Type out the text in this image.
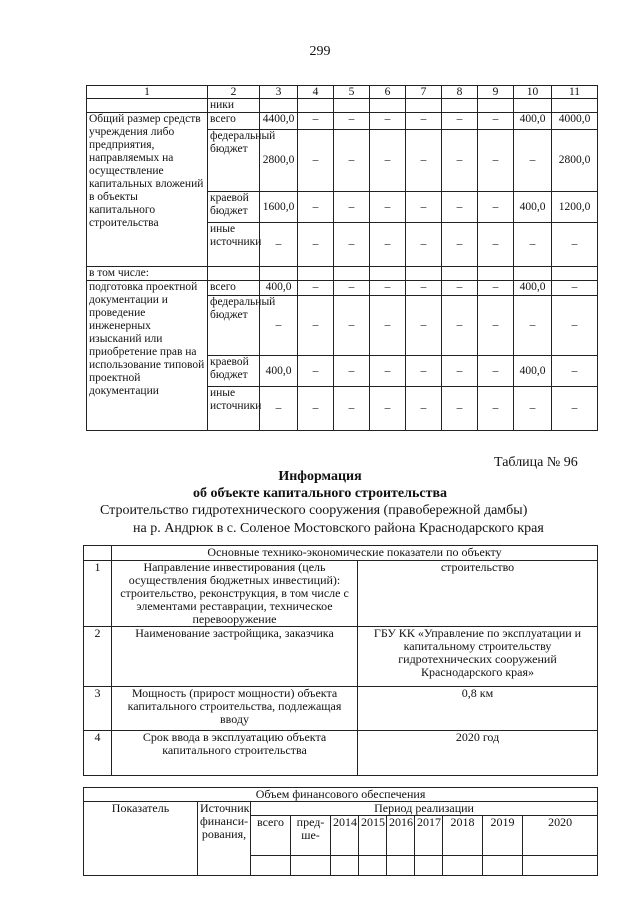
299
1	2	3	4	5	6	7	8	9	10	11
	ники									
Общий размер средств учреждения либо предприятия, направляемых на осуществление капитальных вложений в объекты капитального строительства	всего	4400,0	–	–	–	–	–	–	400,0	4000,0
	федеральный бюджет	2800,0	–	–	–	–	–	–	–	2800,0
	краевой бюджет	1600,0	–	–	–	–	–	–	400,0	1200,0
	иные источники	–	–	–	–	–	–	–	–	–
в том числе:										
подготовка проектной документации и проведение инженерных изысканий или приобретение прав на использование типовой проектной документации	всего	400,0	–	–	–	–	–	–	400,0	–
	федеральный бюджет	–	–	–	–	–	–	–	–	–
	краевой бюджет	400,0	–	–	–	–	–	–	400,0	–
	иные источники	–	–	–	–	–	–	–	–	–
Таблица № 96
Информация
об объекте капитального строительства
Строительство гидротехнического сооружения (правобережной дамбы)
на р. Андрюк в с. Соленое Мостовского района Краснодарского края
	Основные технико-экономические показатели по объекту	
1	Направление инвестирования (цель осуществления бюджетных инвестиций): строительство, реконструкция, в том числе с элементами реставрации, техническое перевооружение	строительство
2	Наименование застройщика, заказчика	ГБУ КК «Управление по эксплуатации и капитальному строительству гидротехнических сооружений Краснодарского края»
3	Мощность (прирост мощности) объекта капитального строительства, подлежащая вводу	0,8 км
4	Срок ввода в эксплуатацию объекта капитального строительства	2020 год
Объем финансового обеспечения										
Показатель	Источник финанси-рования,	Период реализации								
		всего	пред-ше-	2014	2015	2016	2017	2018	2019	2020
